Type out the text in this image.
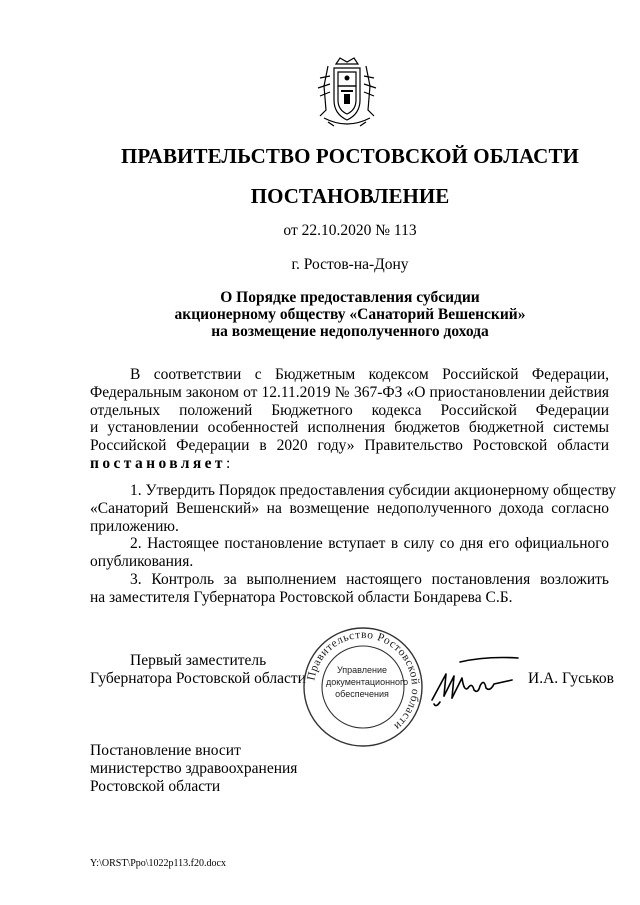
ПРАВИТЕЛЬСТВО РОСТОВСКОЙ ОБЛАСТИ
ПОСТАНОВЛЕНИЕ
от 22.10.2020 № 113
г. Ростов-на-Дону
О Порядке предоставления субсидии
акционерному обществу «Санаторий Вешенский»
на возмещение недополученного дохода
В соответствии с Бюджетным кодексом Российской Федерации,
Федеральным законом от 12.11.2019 № 367-ФЗ «О приостановлении действия
отдельных положений Бюджетного кодекса Российской Федерации
и установлении особенностей исполнения бюджетов бюджетной системы
Российской Федерации в 2020 году» Правительство Ростовской области
постановляет:
1. Утвердить Порядок предоставления субсидии акционерному обществу
«Санаторий Вешенский» на возмещение недополученного дохода согласно
приложению.
2. Настоящее постановление вступает в силу со дня его официального
опубликования.
3. Контроль за выполнением настоящего постановления возложить
на заместителя Губернатора Ростовской области Бондарева С.Б.
Первый заместитель
Губернатора Ростовской области Правительство Ростовской области
Управление
документационного
обеспечения
И.А. Гуськов
Постановление вносит
министерство здравоохранения
Ростовской области
Y:\ORST\Ppo\1022p113.f20.docx
